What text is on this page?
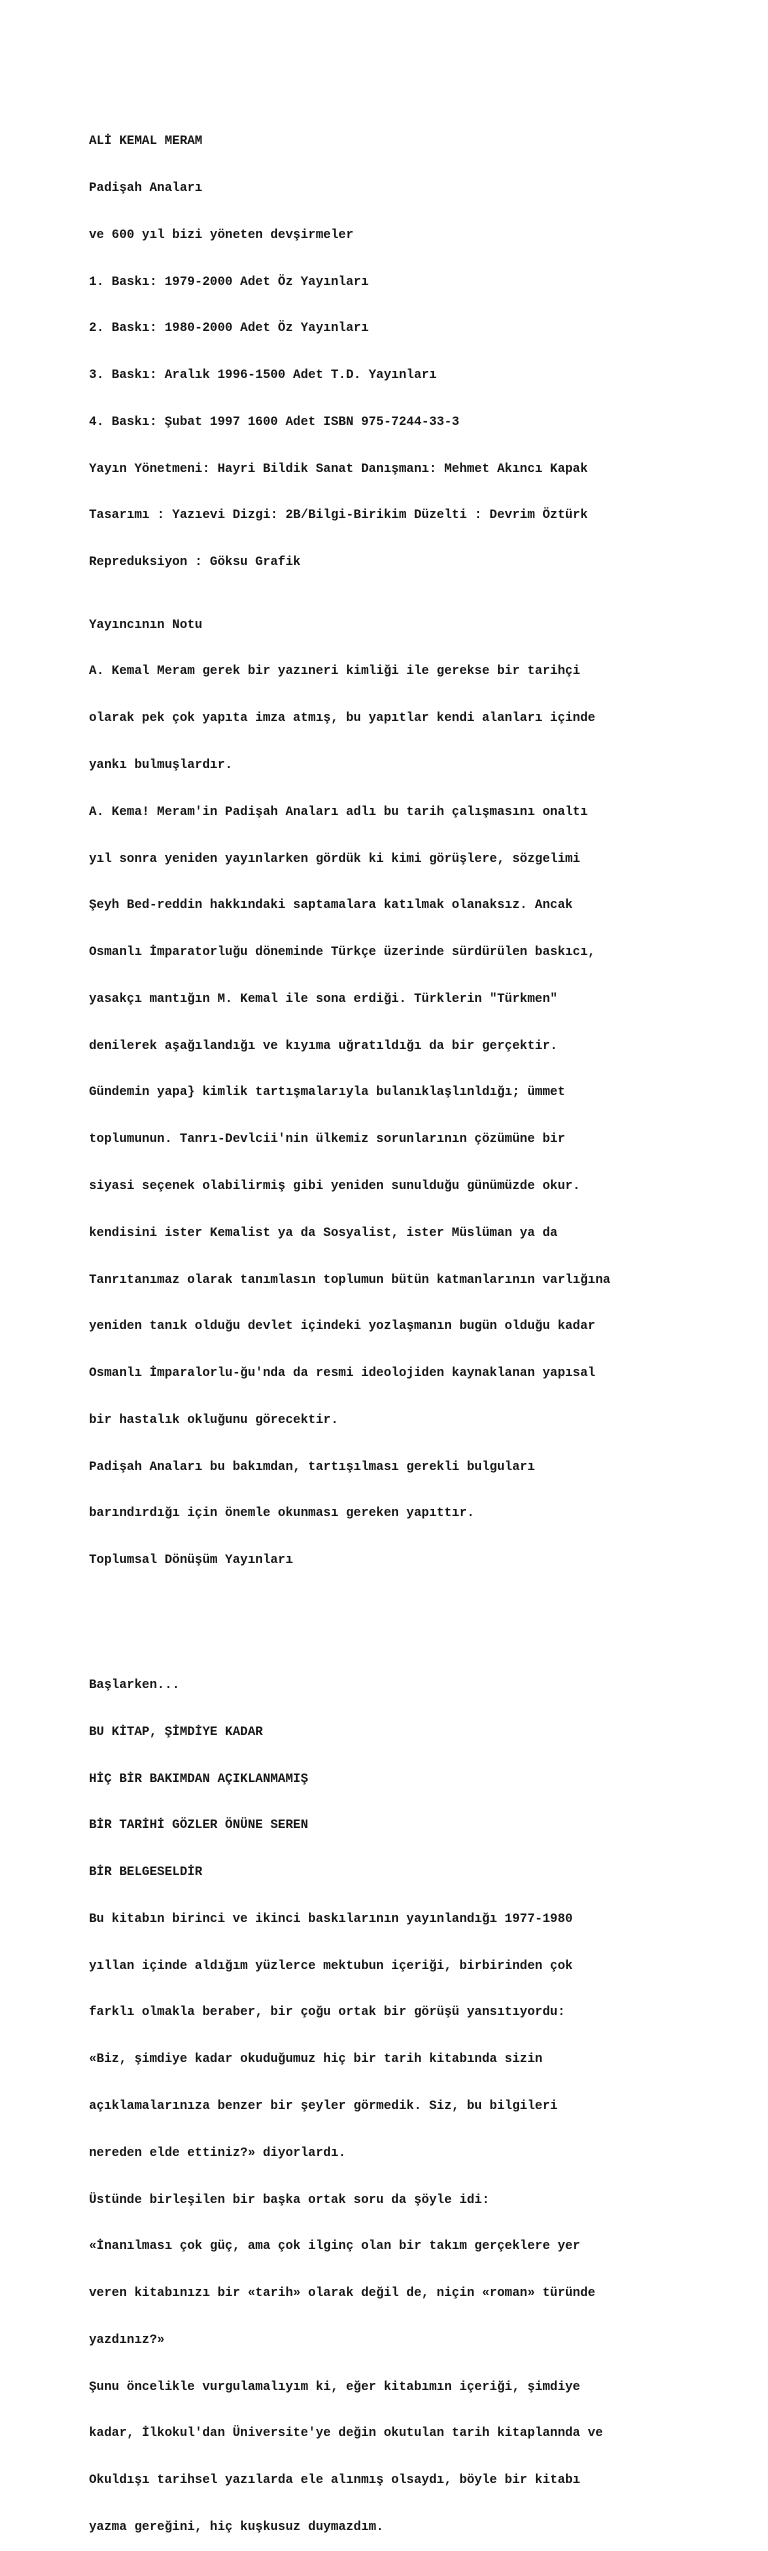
ALİ KEMAL MERAM

Padişah Anaları

ve 600 yıl bizi yöneten devşirmeler

1. Baskı: 1979-2000 Adet Öz Yayınları

2. Baskı: 1980-2000 Adet Öz Yayınları

3. Baskı: Aralık 1996-1500 Adet T.D. Yayınları

4. Baskı: Şubat 1997 1600 Adet ISBN 975-7244-33-3

Yayın Yönetmeni: Hayri Bildik Sanat Danışmanı: Mehmet Akıncı Kapak

Tasarımı : Yazıevi Dizgi: 2B/Bilgi-Birikim Düzelti : Devrim Öztürk

Repreduksiyon : Göksu Grafik

Yayıncının Notu

A. Kemal Meram gerek bir yazıneri kimliği ile gerekse bir tarihçi

olarak pek çok yapıta imza atmış, bu yapıtlar kendi alanları içinde

yankı bulmuşlardır.

A. Kema! Meram'in Padişah Anaları adlı bu tarih çalışmasını onaltı

yıl sonra yeniden yayınlarken gördük ki kimi görüşlere, sözgelimi

Şeyh Bed-reddin hakkındaki saptamalara katılmak olanaksız. Ancak

Osmanlı İmparatorluğu döneminde Türkçe üzerinde sürdürülen baskıcı,

yasakçı mantığın M. Kemal ile sona erdiği. Türklerin "Türkmen"

denilerek aşağılandığı ve kıyıma uğratıldığı da bir gerçektir.

Gündemin yapa} kimlik tartışmalarıyla bulanıklaşlınldığı; ümmet

toplumunun. Tanrı-Devlcii'nin ülkemiz sorunlarının çözümüne bir

siyasi seçenek olabilirmiş gibi yeniden sunulduğu günümüzde okur.

kendisini ister Kemalist ya da Sosyalist, ister Müslüman ya da

Tanrıtanımaz olarak tanımlasın toplumun bütün katmanlarının varlığına

yeniden tanık olduğu devlet içindeki yozlaşmanın bugün olduğu kadar

Osmanlı İmparalorlu-ğu'nda da resmi ideolojiden kaynaklanan yapısal

bir hastalık okluğunu görecektir.

Padişah Anaları bu bakımdan, tartışılması gerekli bulguları

barındırdığı için önemle okunması gereken yapıttır.

Toplumsal Dönüşüm Yayınları

Başlarken...

BU KİTAP, ŞİMDİYE KADAR

HİÇ BİR BAKIMDAN AÇIKLANMAMIŞ

BİR TARİHİ GÖZLER ÖNÜNE SEREN

BİR BELGESELDİR

Bu kitabın birinci ve ikinci baskılarının yayınlandığı 1977-1980

yıllan içinde aldığım yüzlerce mektubun içeriği, birbirinden çok

farklı olmakla beraber, bir çoğu ortak bir görüşü yansıtıyordu:

«Biz, şimdiye kadar okuduğumuz hiç bir tarih kitabında sizin

açıklamalarınıza benzer bir şeyler görmedik. Siz, bu bilgileri

nereden elde ettiniz?» diyorlardı.

Üstünde birleşilen bir başka ortak soru da şöyle idi:

«İnanılması çok güç, ama çok ilginç olan bir takım gerçeklere yer

veren kitabınızı bir «tarih» olarak değil de, niçin «roman» türünde

yazdınız?»

Şunu öncelikle vurgulamalıyım ki, eğer kitabımın içeriği, şimdiye

kadar, İlkokul'dan Üniversite'ye değin okutulan tarih kitaplannda ve

Okuldışı tarihsel yazılarda ele alınmış olsaydı, böyle bir kitabı

yazma gereğini, hiç kuşkusuz duymazdım.
